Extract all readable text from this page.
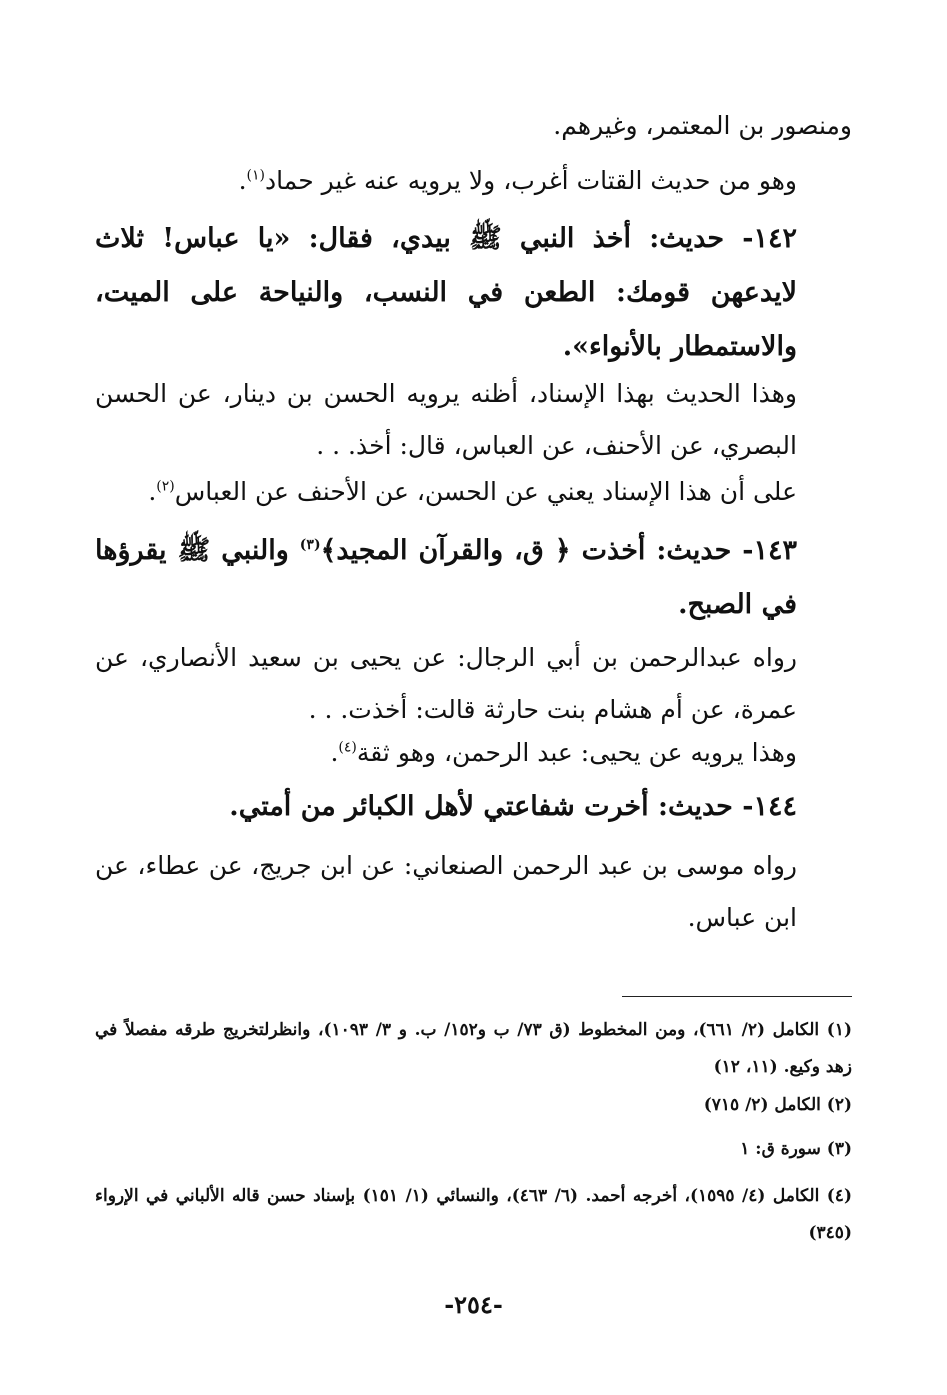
ومنصور بن المعتمر، وغيرهم.

وهو من حديث القتات أغرب، ولا يرويه عنه غير حماد$^{(١)}$.

١٤٢- حديث: أخذ النبي ﷺ بيدي، فقال: «يا عباس! ثلاث لايدعهن قومك: الطعن في النسب، والنياحة على الميت، والاستمطار بالأنواء».

وهذا الحديث بهذا الإسناد، أظنه يرويه الحسن بن دينار، عن الحسن البصري، عن الأحنف، عن العباس، قال: أخذ. . .

على أن هذا الإسناد يعني عن الحسن، عن الأحنف عن العباس$^{(٢)}$.

١٤٣- حديث: أخذت ﴿ ق، والقرآن المجيد﴾$^{(٣)}$ والنبي ﷺ يقرؤها في الصبح.

رواه عبدالرحمن بن أبي الرجال: عن يحيى بن سعيد الأنصاري، عن عمرة، عن أم هشام بنت حارثة قالت: أخذت. . .

وهذا يرويه عن يحيى: عبد الرحمن، وهو ثقة$^{(٤)}$.

١٤٤- حديث: أخرت شفاعتي لأهل الكبائر من أمتي.

رواه موسى بن عبد الرحمن الصنعاني: عن ابن جريج، عن عطاء، عن ابن عباس.

(١) الكامل (٢/ ٦٦١)، ومن المخطوط (ق ٧٣/ ب و١٥٢/ ب. و ٣/ ١٠٩٣)، وانظرلتخريج طرقه مفصلاً في زهد وكيع. (١١، ١٢)

(٢) الكامل (٢/ ٧١٥)

(٣) سورة ق: ١

(٤) الكامل (٤/ ١٥٩٥)، أخرجه أحمد. (٦/ ٤٦٣)، والنسائي (١/ ١٥١) بإسناد حسن قاله الألباني في الإرواء (٣٤٥)

-٢٥٤-
